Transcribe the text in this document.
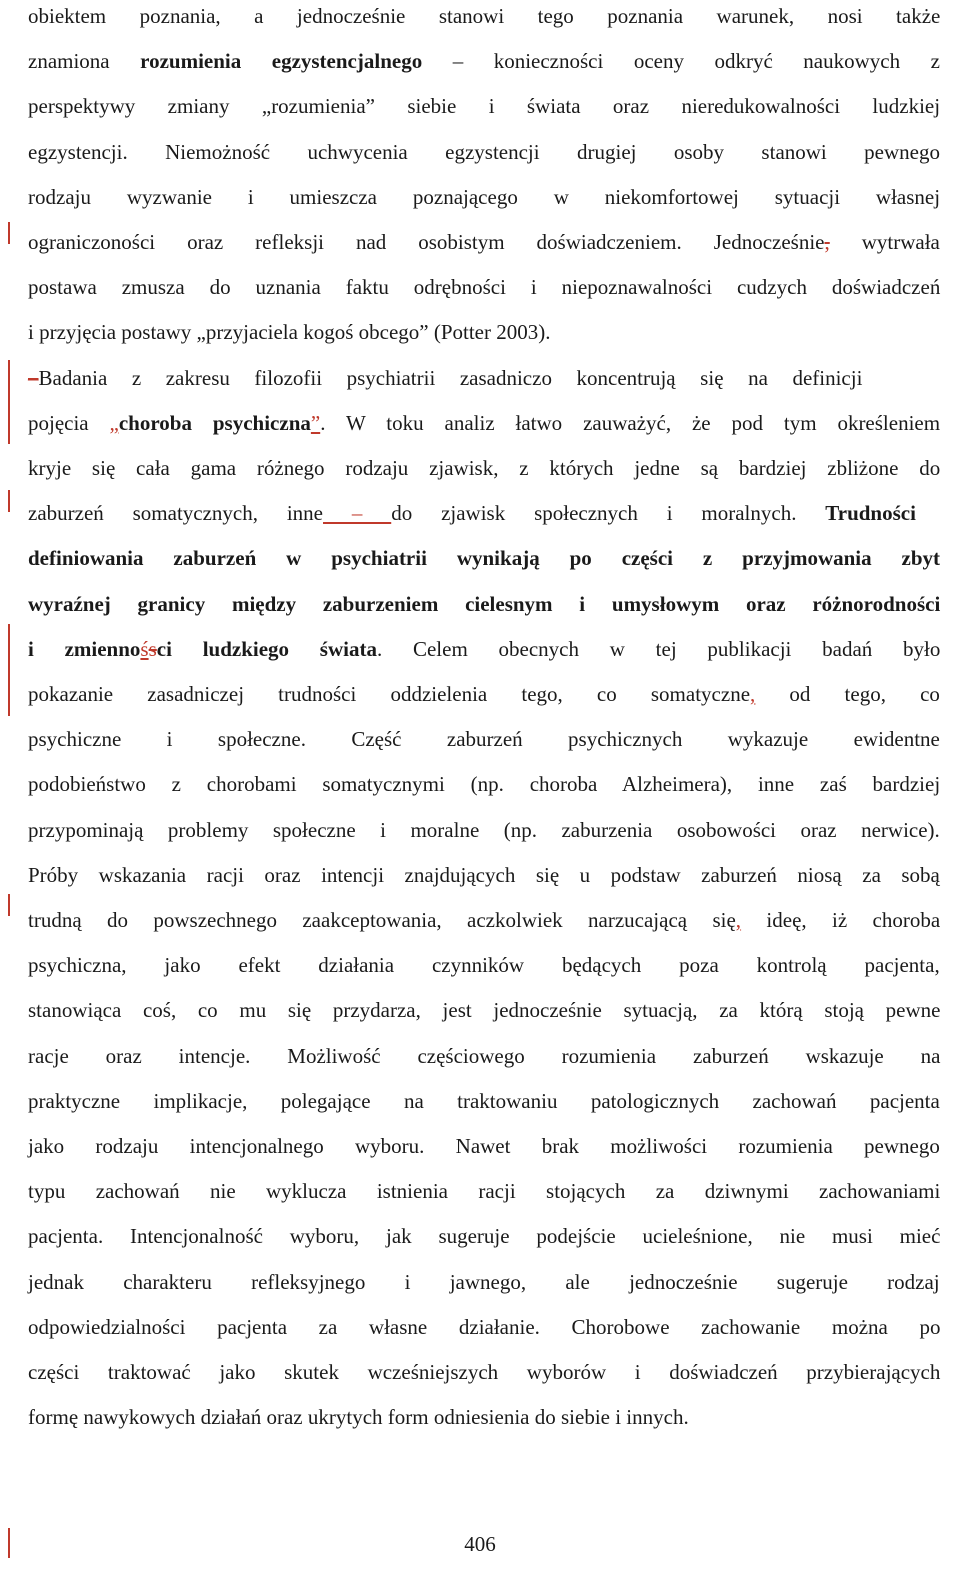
obiektem poznania, a jednocześnie stanowi tego poznania warunek, nosi także
znamiona rozumienia egzystencjalnego – konieczności oceny odkryć naukowych z
perspektywy zmiany „rozumienia” siebie i świata oraz nieredukowalności ludzkiej
egzystencji. Niemożność uchwycenia egzystencji drugiej osoby stanowi pewnego
rodzaju wyzwanie i umieszcza poznającego w niekomfortowej sytuacji własnej
ograniczoności oraz refleksji nad osobistym doświadczeniem. Jednocześnie, wytrwała
postawa zmusza do uznania faktu odrębności i niepoznawalności cudzych doświadczeń
i przyjęcia postawy „przyjaciela kogoś obcego” (Potter 2003).
–Badania z zakresu filozofii psychiatrii zasadniczo koncentrują się na definicji
pojęcia „choroba psychiczna”. W toku analiz łatwo zauważyć, że pod tym określeniem
kryje się cała gama różnego rodzaju zjawisk, z których jedne są bardziej zbliżone do
zaburzeń somatycznych, inne – do zjawisk społecznych i moralnych. Trudności
definiowania zaburzeń w psychiatrii wynikają po części z przyjmowania zbyt
wyraźnej granicy między zaburzeniem cielesnym i umysłowym oraz różnorodności
i zmiennośsci ludzkiego świata. Celem obecnych w tej publikacji badań było
pokazanie zasadniczej trudności oddzielenia tego, co somatyczne, od tego, co
psychiczne i społeczne. Część zaburzeń psychicznych wykazuje ewidentne
podobieństwo z chorobami somatycznymi (np. choroba Alzheimera), inne zaś bardziej
przypominają problemy społeczne i moralne (np. zaburzenia osobowości oraz nerwice).
Próby wskazania racji oraz intencji znajdujących się u podstaw zaburzeń niosą za sobą
trudną do powszechnego zaakceptowania, aczkolwiek narzucającą się, ideę, iż choroba
psychiczna, jako efekt działania czynników będących poza kontrolą pacjenta,
stanowiąca coś, co mu się przydarza, jest jednocześnie sytuacją, za którą stoją pewne
racje oraz intencje. Możliwość częściowego rozumienia zaburzeń wskazuje na
praktyczne implikacje, polegające na traktowaniu patologicznych zachowań pacjenta
jako rodzaju intencjonalnego wyboru. Nawet brak możliwości rozumienia pewnego
typu zachowań nie wyklucza istnienia racji stojących za dziwnymi zachowaniami
pacjenta. Intencjonalność wyboru, jak sugeruje podejście ucieleśnione, nie musi mieć
jednak charakteru refleksyjnego i jawnego, ale jednocześnie sugeruje rodzaj
odpowiedzialności pacjenta za własne działanie. Chorobowe zachowanie można po
części traktować jako skutek wcześniejszych wyborów i doświadczeń przybierających
formę nawykowych działań oraz ukrytych form odniesienia do siebie i innych.
406
